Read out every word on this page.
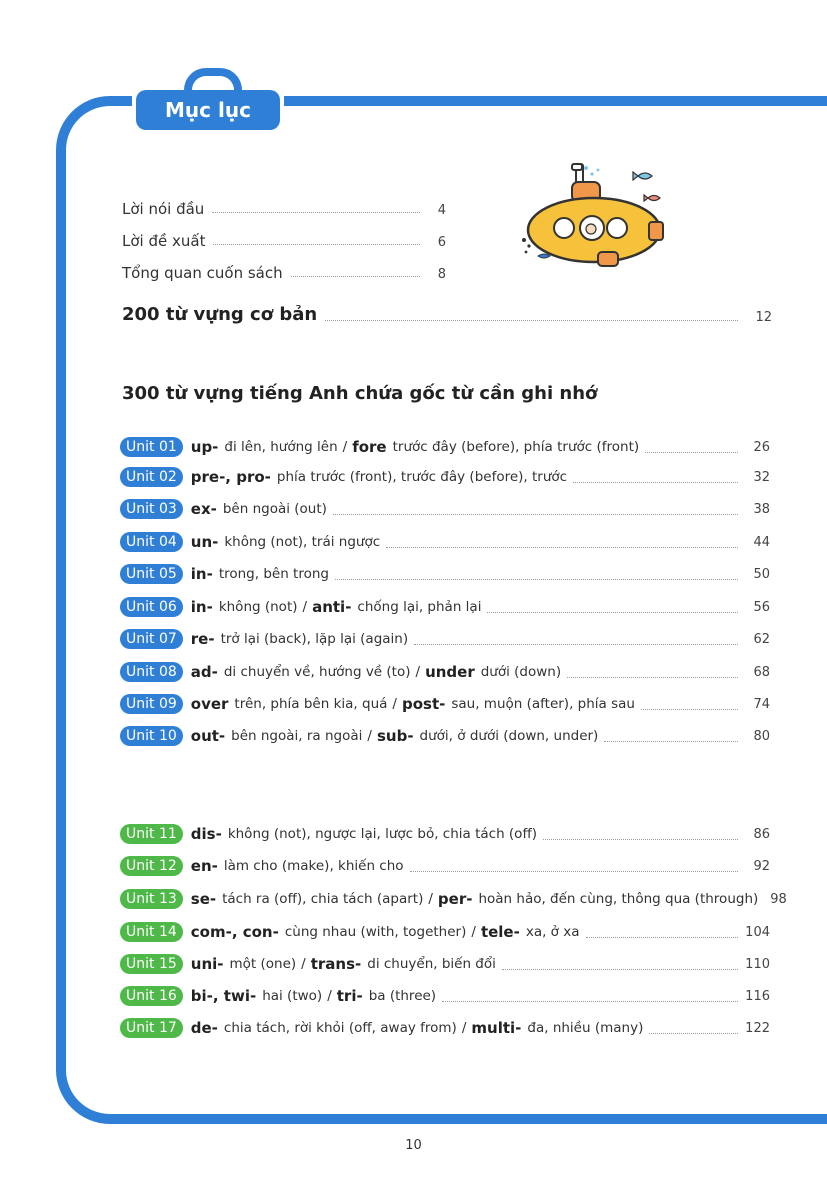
Mục lục
Lời nói đầu	4
Lời đề xuất	6
Tổng quan cuốn sách	8
200 từ vựng cơ bản	12
300 từ vựng tiếng Anh chứa gốc từ cần ghi nhớ
Unit 01 up- đi lên, hướng lên / fore trước đây (before), phía trước (front)	26
Unit 02 pre-, pro- phía trước (front), trước đây (before), trước	32
Unit 03 ex- bên ngoài (out)	38
Unit 04 un- không (not), trái ngược	44
Unit 05 in- trong, bên trong	50
Unit 06 in- không (not) / anti- chống lại, phản lại	56
Unit 07 re- trở lại (back), lặp lại (again)	62
Unit 08 ad- di chuyển về, hướng về (to) / under dưới (down)	68
Unit 09 over trên, phía bên kia, quá / post- sau, muộn (after), phía sau	74
Unit 10 out- bên ngoài, ra ngoài / sub- dưới, ở dưới (down, under)	80
Unit 11 dis- không (not), ngược lại, lược bỏ, chia tách (off)	86
Unit 12 en- làm cho (make), khiến cho	92
Unit 13 se- tách ra (off), chia tách (apart) / per- hoàn hảo, đến cùng, thông qua (through) 98
Unit 14 com-, con- cùng nhau (with, together) / tele- xa, ở xa	104
Unit 15 uni- một (one) / trans- di chuyển, biến đổi	110
Unit 16 bi-, twi- hai (two) / tri- ba (three)	116
Unit 17 de- chia tách, rời khỏi (off, away from) / multi- đa, nhiều (many)	122
10
